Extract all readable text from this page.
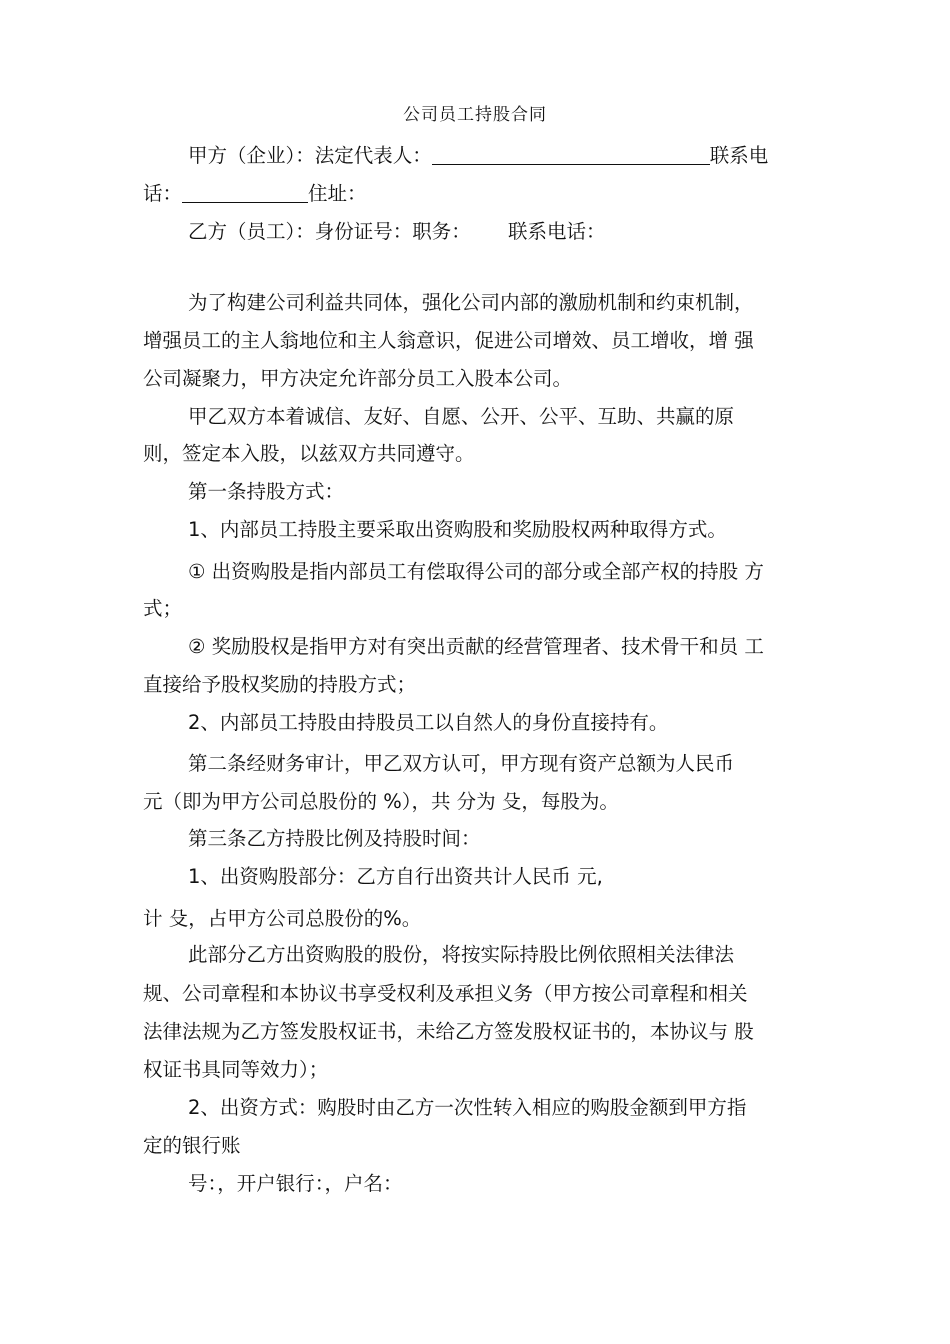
公司员工持股合同
甲方（企业）：法定代表人：	联系电
话：	住址：
乙方（员工）：身份证号：职务：      联系电话：
为了构建公司利益共同体，强化公司内部的激励机制和约束机制，
增强员工的主人翁地位和主人翁意识，促进公司增效、员工增收，增 强
公司凝聚力，甲方决定允许部分员工入股本公司。
甲乙双方本着诚信、友好、自愿、公开、公平、互助、共赢的原
则，签定本入股，以兹双方共同遵守。
第一条持股方式：
1、内部员工持股主要采取出资购股和奖励股权两种取得方式。
① 出资购股是指内部员工有偿取得公司的部分或全部产权的持股 方
式；
② 奖励股权是指甲方对有突出贡献的经营管理者、技术骨干和员 工
直接给予股权奖励的持股方式；
2、内部员工持股由持股员工以自然人的身份直接持有。
第二条经财务审计，甲乙双方认可，甲方现有资产总额为人民币
元（即为甲方公司总股份的 %），共 分为 殳，每股为。
第三条乙方持股比例及持股时间：
1、出资购股部分：乙方自行出资共计人民币 元,
计 殳，占甲方公司总股份的%。
此部分乙方出资购股的股份，将按实际持股比例依照相关法律法
规、公司章程和本协议书享受权利及承担义务（甲方按公司章程和相关
法律法规为乙方签发股权证书，未给乙方签发股权证书的，本协议与 股
权证书具同等效力）；
2、出资方式：购股时由乙方一次性转入相应的购股金额到甲方指
定的银行账
号：，开户银行：，户名：
